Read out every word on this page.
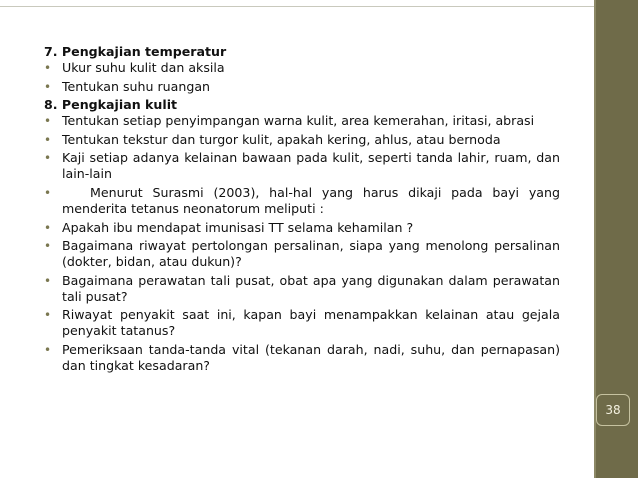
38

7. Pengkajian temperatur

• Ukur suhu kulit dan aksila
• Tentukan suhu ruangan

8. Pengkajian kulit

• Tentukan setiap penyimpangan warna kulit, area kemerahan, iritasi, abrasi
• Tentukan tekstur dan turgor kulit, apakah kering, ahlus, atau bernoda
• Kaji setiap adanya kelainan bawaan pada kulit, seperti tanda lahir, ruam, dan lain-lain
•	Menurut Surasmi (2003), hal-hal yang harus dikaji pada bayi yang menderita tetanus neonatorum meliputi :
• Apakah ibu mendapat imunisasi TT selama kehamilan ?
• Bagaimana riwayat pertolongan persalinan, siapa yang menolong persalinan (dokter, bidan, atau dukun)?
• Bagaimana perawatan tali pusat, obat apa yang digunakan dalam perawatan tali pusat?
• Riwayat penyakit saat ini, kapan bayi menampakkan kelainan atau gejala penyakit tatanus?
• Pemeriksaan tanda-tanda vital (tekanan darah, nadi, suhu, dan pernapasan) dan tingkat kesadaran?
